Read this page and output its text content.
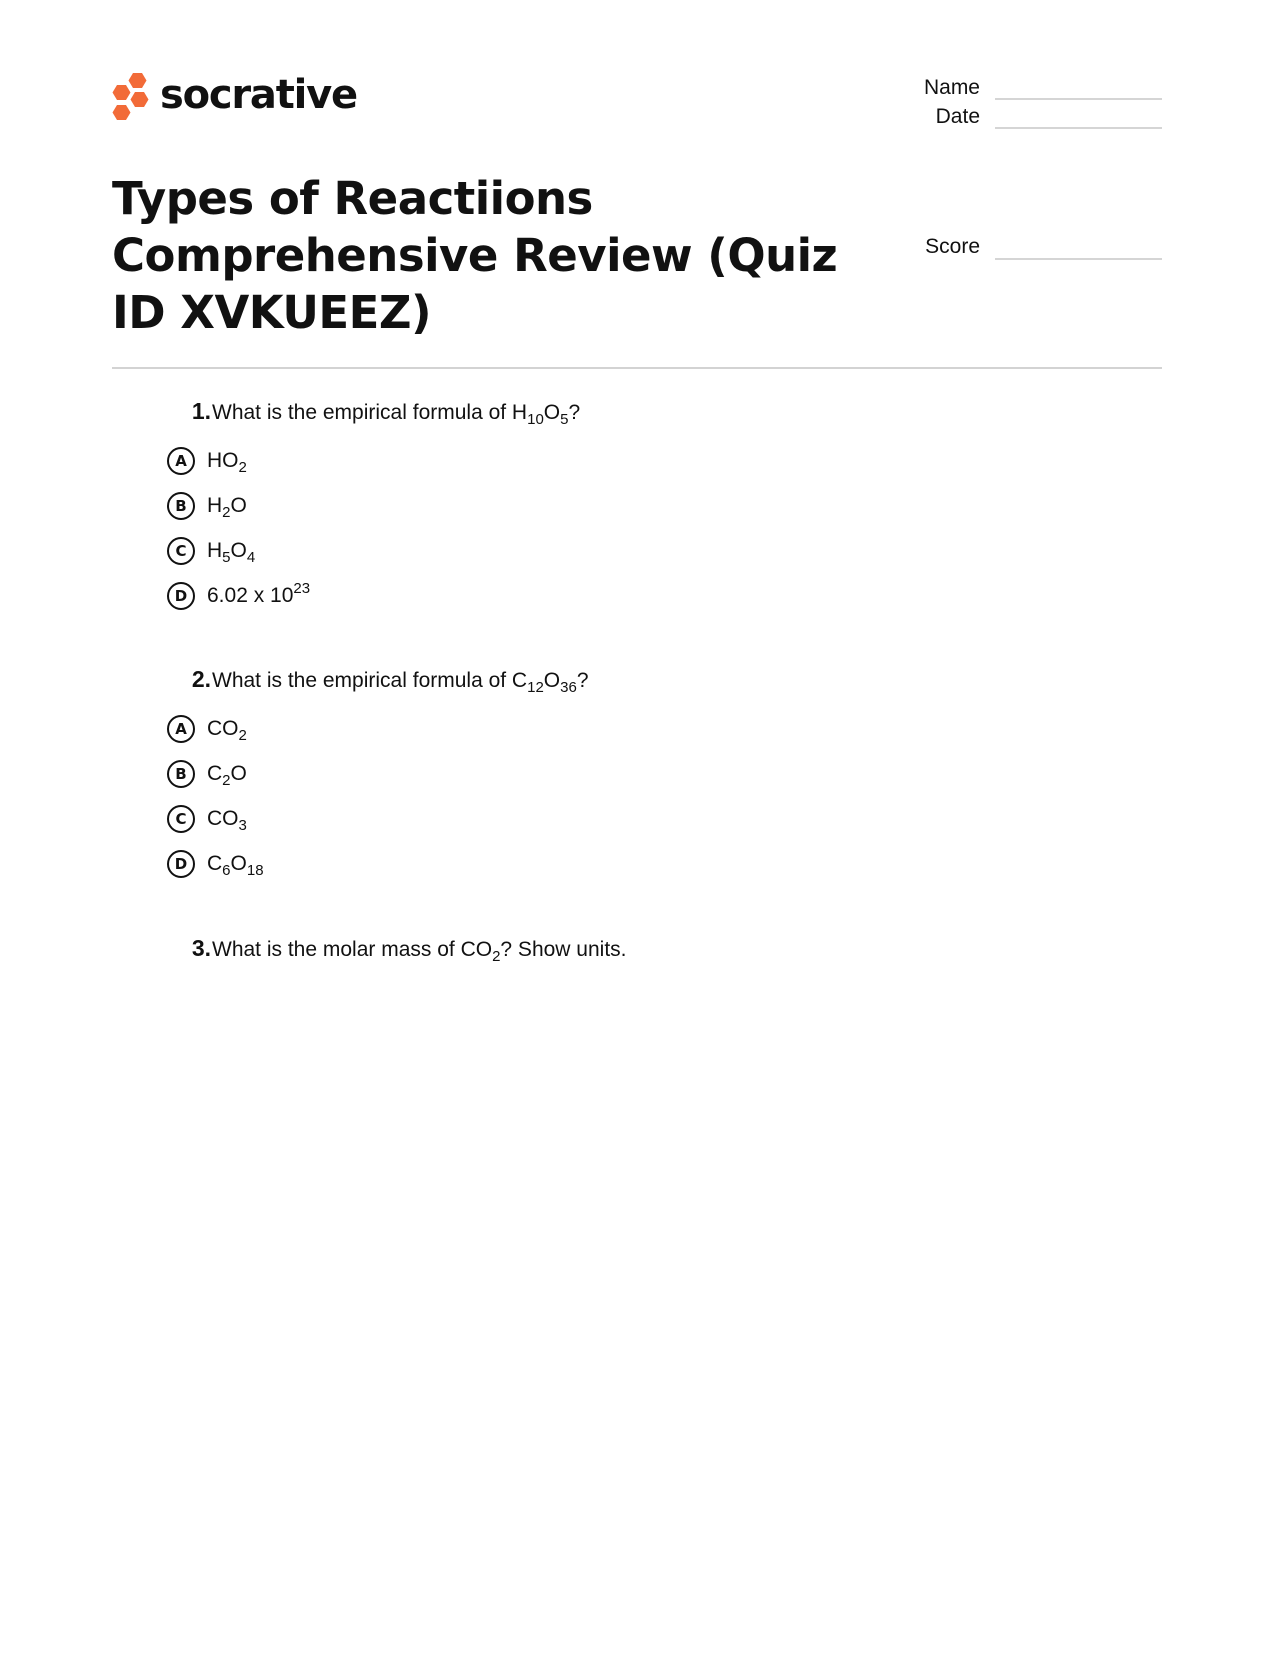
socrative	Name
Date
Score
Types of Reactiions Comprehensive Review (Quiz ID XVKUEEZ)
1. What is the empirical formula of $H_{10}O_5$?
A $HO_2$
B $H_2O$
C $H_5O_4$
D 6.02 x $10^{23}$
2. What is the empirical formula of $C_{12}O_{36}$?
A $CO_2$
B $C_2O$
C $CO_3$
D $C_6O_{18}$
3. What is the molar mass of $CO_2$? Show units.
